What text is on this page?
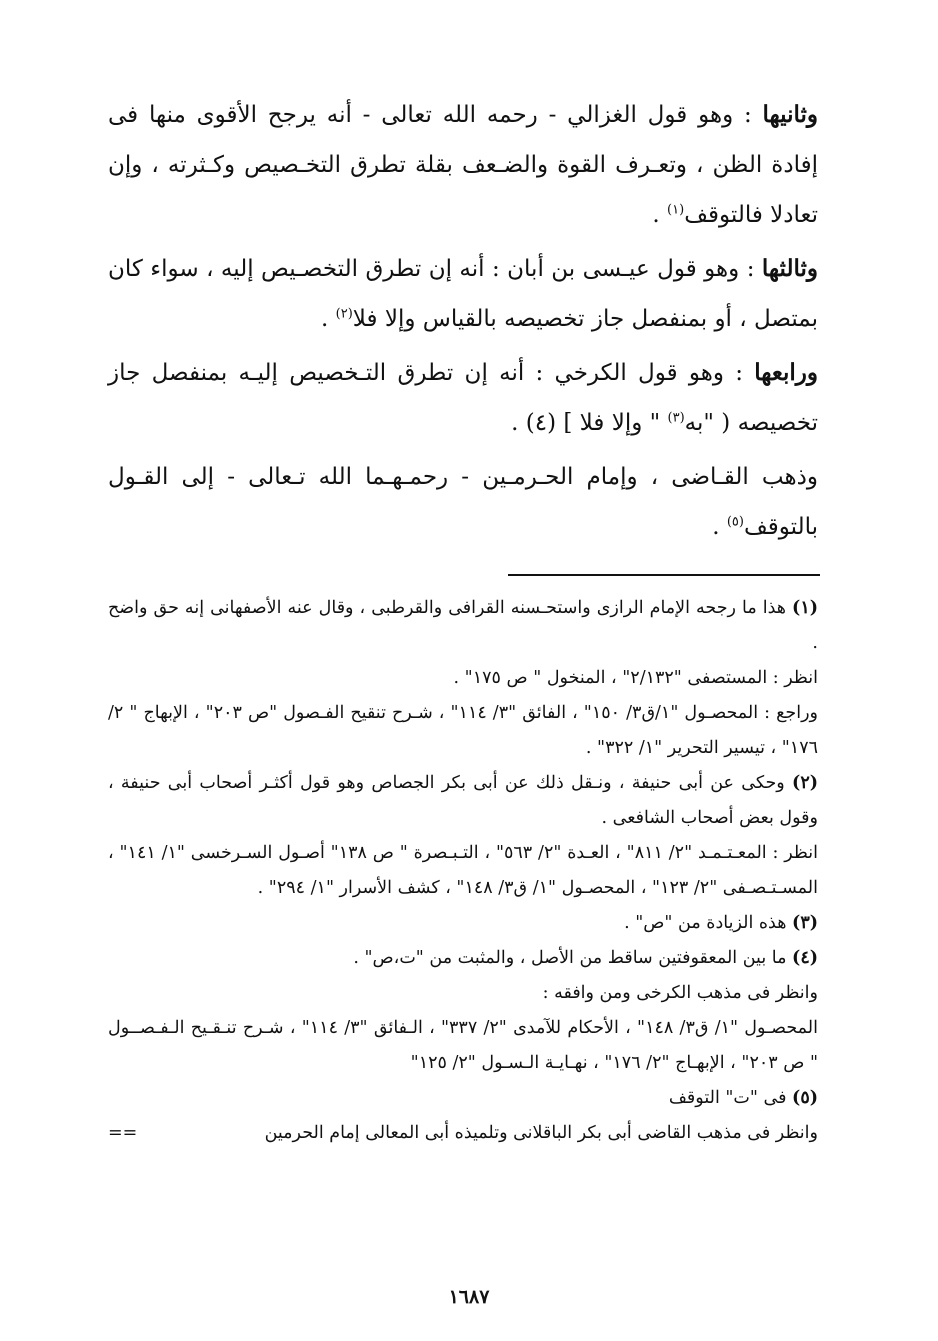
وثانيها : وهو قول الغزالي - رحمه الله تعالى - أنه يرجح الأقوى منها فى إفادة الظن ، وتعـرف القوة والضـعف بقلة تطرق التخـصيص وكـثرته ، وإن تعادلا فالتوقف$^{(١)}$ .

وثالثها : وهو قول عيـسى بن أبان : أنه إن تطرق التخصـيص إليه ، سواء كان بمتصل ، أو بمنفصل جاز تخصيصه بالقياس وإلا فلا$^{(٢)}$ .

ورابعها : وهو قول الكرخي : أنه إن تطرق التـخصيص إليـه بمنفصل جاز تخصيصه ( "به$^{(٣)}$ " وإلا فلا ] (٤) .

وذهب القـاضى ، وإمام الحـرمـين - رحمـهـما الله تـعالى - إلى القـول بالتوقف$^{(٥)}$ .

(١) هذا ما رجحه الإمام الرازى واستحـسنه القرافى والقرطبى ، وقال عنه الأصفهانى إنه حق واضح .

انظر : المستصفى "٢/١٣٢" ، المنخول " ص ١٧٥" .

وراجع : المحصـول "١/ق٣/ ١٥٠" ، الفائق "٣/ ١١٤" ، شـرح تنقيح الفـصول "ص ٢٠٣" ، الإبهاج " ٢/ ١٧٦" ، تيسير التحرير "١/ ٣٢٢" .

(٢) وحكى عن أبى حنيفة ، ونـقل ذلك عن أبى بكر الجصاص وهو قول أكثـر أصحاب أبى حنيفة ، وقول بعض أصحاب الشافعى .

انظر : المعـتـمـد "٢/ ٨١١" ، العـدة "٢/ ٥٦٣" ، التـبـصرة " ص ١٣٨" أصـول السـرخسى "١/ ١٤١" ، المسـتـصـفى "٢/ ١٢٣" ، المحصـول "١/ ق٣/ ١٤٨" ، كشف الأسرار "١/ ٢٩٤" .

(٣) هذه الزيادة من "ص" .

(٤) ما بين المعقوفتين ساقط من الأصل ، والمثبت من "ت،ص" .

وانظر فى مذهب الكرخى ومن وافقه :

المحصـول "١/ ق٣/ ١٤٨" ، الأحكام للآمدى "٢/ ٣٣٧" ، الـفائق "٣/ ١١٤" ، شـرح تنـقـيح الـفـصــول " ص ٢٠٣" ، الإبهـاج "٢/ ١٧٦" ، نهـايـة الـسـول "٢/ ١٢٥"

(٥) فى "ت" التوقف

وانظر فى مذهب القاضى أبى بكر الباقلانى وتلميذه أبى المعالى إمام الحرمين
==

١٦٨٧
